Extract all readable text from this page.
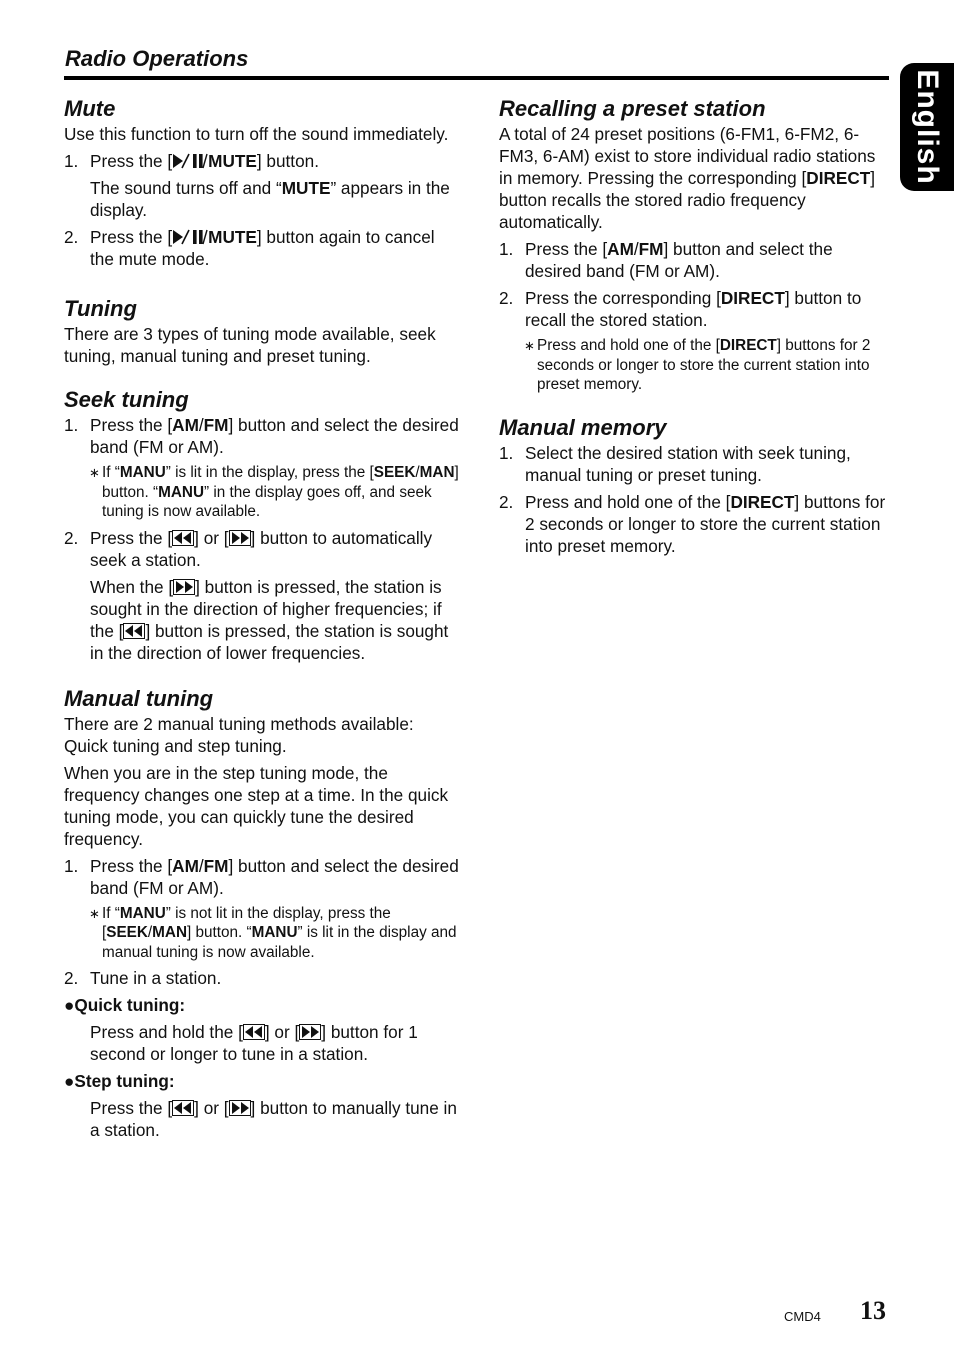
Radio Operations
English
Mute

Use this function to turn off the sound immediately.

1. Press the [ MUTE] button.

The sound turns off and “MUTE” appears in the display.

2. Press the [ MUTE] button again to cancel the mute mode.
Tuning

There are 3 types of tuning mode available, seek tuning, manual tuning and preset tuning.

Seek tuning
1. Press the [AM/FM] button and select the desired band (FM or AM).
∗ If “MANU” is lit in the display, press the [SEEK/MAN] button. “MANU” in the display goes off, and seek tuning is now available.
2. Press the [ ] or [ ] button to automatically seek a station.

When the [ ] button is pressed, the station is sought in the direction of higher frequencies; if the [ ] button is pressed, the station is sought in the direction of lower frequencies.

Manual tuning

There are 2 manual tuning methods available: Quick tuning and step tuning.

When you are in the step tuning mode, the frequency changes one step at a time. In the quick tuning mode, you can quickly tune the desired frequency.

1. Press the [AM/FM] button and select the desired band (FM or AM).
∗ If “MANU” is not lit in the display, press the [SEEK/MAN] button. “MANU” is lit in the display and manual tuning is now available.
2. Tune in a station.
●Quick tuning:

Press and hold the [ ] or [ ] button for 1 second or longer to tune in a station.

●Step tuning:

Press the [ ] or [ ] button to manually tune in a station.

Recalling a preset station

A total of 24 preset positions (6-FM1, 6-FM2, 6-FM3, 6-AM) exist to store individual radio stations in memory. Pressing the corresponding [DIRECT] button recalls the stored radio frequency automatically.

1. Press the [AM/FM] button and select the desired band (FM or AM).
2. Press the corresponding [DIRECT] button to recall the stored station.
∗ Press and hold one of the [DIRECT] buttons for 2 seconds or longer to store the current station into preset memory.
Manual memory
1. Select the desired station with seek tuning, manual tuning or preset tuning.
2. Press and hold one of the [DIRECT] buttons for 2 seconds or longer to store the current station into preset memory.
CMD4 13
